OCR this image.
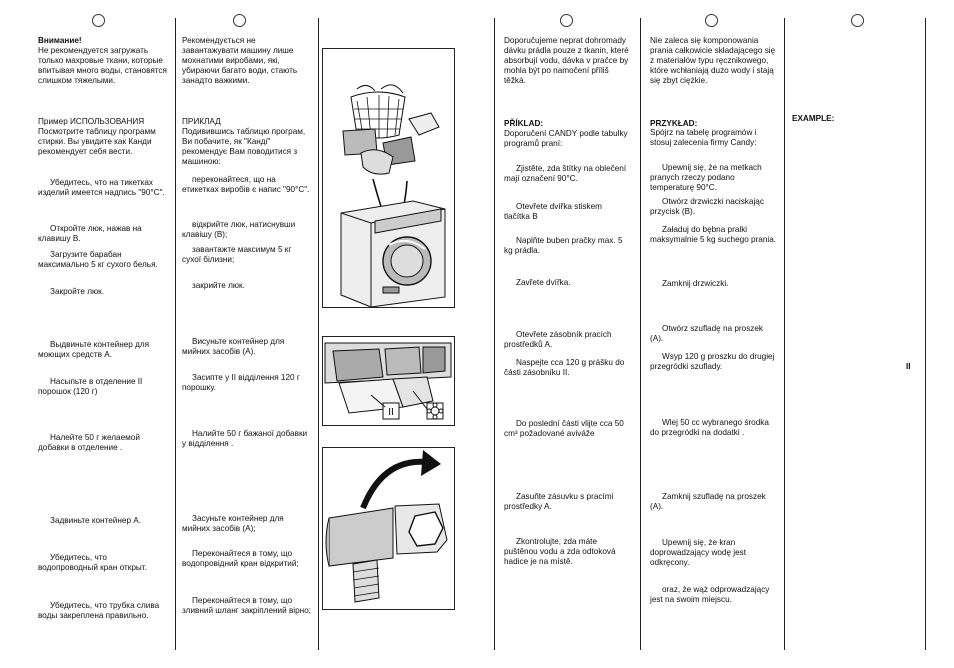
Внимание!

Не рекомендуется загружать только махровые ткани, которые впитывая много воды, становятся слишком тяжелыми.

Пример ИСПОЛЬЗОВАНИЯ

Посмотрите таблицу программ стирки. Вы увидите как Канди рекомендует себя вести.

Убедитесь, что на тикетках изделий имеется надпись "90°C".

Откройте люк, нажав на клавишу B.

Загрузите барабан максимально 5 кг сухого белья.

Закройте люк.

Выдвиньте контейнер для моющих средств A.

Насыпьте в отделение II порошок (120 г)

Налейте 50 г желаемой добавки в отделение .

Задвиньте контейнер A.

Убедитесь, что водопроводный кран открыт.

Убедитесь, что трубка слива воды закреплена правильно.

Рекомендується не завантажувати машину лише мохнатими виробами, які, убираючи багато води, стають занадто важкими.

ПРИКЛАД

Подивившись таблицю програм, Ви побачите, як "Канді" рекомендує Вам поводитися з машиною:

переконайтеся, що на етикетках виробів є напис "90°C".

відкрийте люк, натиснувши клавішу (B);

завантажте максимум 5 кг сухої білизни;

закрийте люк.

Висуньте контейнер для мийних засобів (A).

Засипте у II відділення 120 г порошку.

Налийте 50 г бажаної добавки у відділення .

Засуньте контейнер для мийних засобів (A);

Переконайтеся в тому, що водопровідний кран відкритий;

Переконайтеся в тому, що зливний шланг закріплений вірно;

II

Doporučujeme neprat dohromady dávku prádla pouze z tkanin, které absorbují vodu, dávka v pračce by mohla být po namočení příliš těžká.

PŘÍKLAD:

Doporučení CANDY podle tabulky programů praní:

Zjistěte, zda štítky na oblečení mají označení 90°C.

Otevřete dvířka stiskem tlačítka B

Naplňte buben pračky max. 5 kg prádla.

Zavřete dvířka.

Otevřete zásobník pracích prostředků A.

Naspejte cca 120 g prášku do části zásobníku II.

Do poslední části vlijte cca 50 cm³ požadované aviváže

Zasuňte zásuvku s pracími prostředky A.

Zkontrolujte, zda máte puštěnou vodu a zda odtoková hadice je na místě.

Nie zaleca się komponowania prania całkowicie składającego się z materiałów typu ręcznikowego, które wchłaniają dużo wody i stają się zbyt ciężkie.

PRZYKŁAD:

Spójrz na tabelę programów i stosuj zalecenia firmy Candy:

Upewnij się, że na metkach pranych rzeczy podano temperaturę 90°C.

Otwórz drzwiczki naciskając przycisk (B).

Załaduj do bębna pralki maksymalnie 5 kg suchego prania.

Zamknij drzwiczki.

Otwórz szufladę na proszek (A).

Wsyp 120 g proszku do drugiej przegródki szuflady.

Wlej 50 cc wybranego środka do przegródki na dodatki .

Zamknij szufladę na proszek (A).

Upewnij się, że kran doprowadzający wodę jest odkręcony.

oraz, że wąż odprowadzający jest na swoim miejscu.

EXAMPLE:

II
